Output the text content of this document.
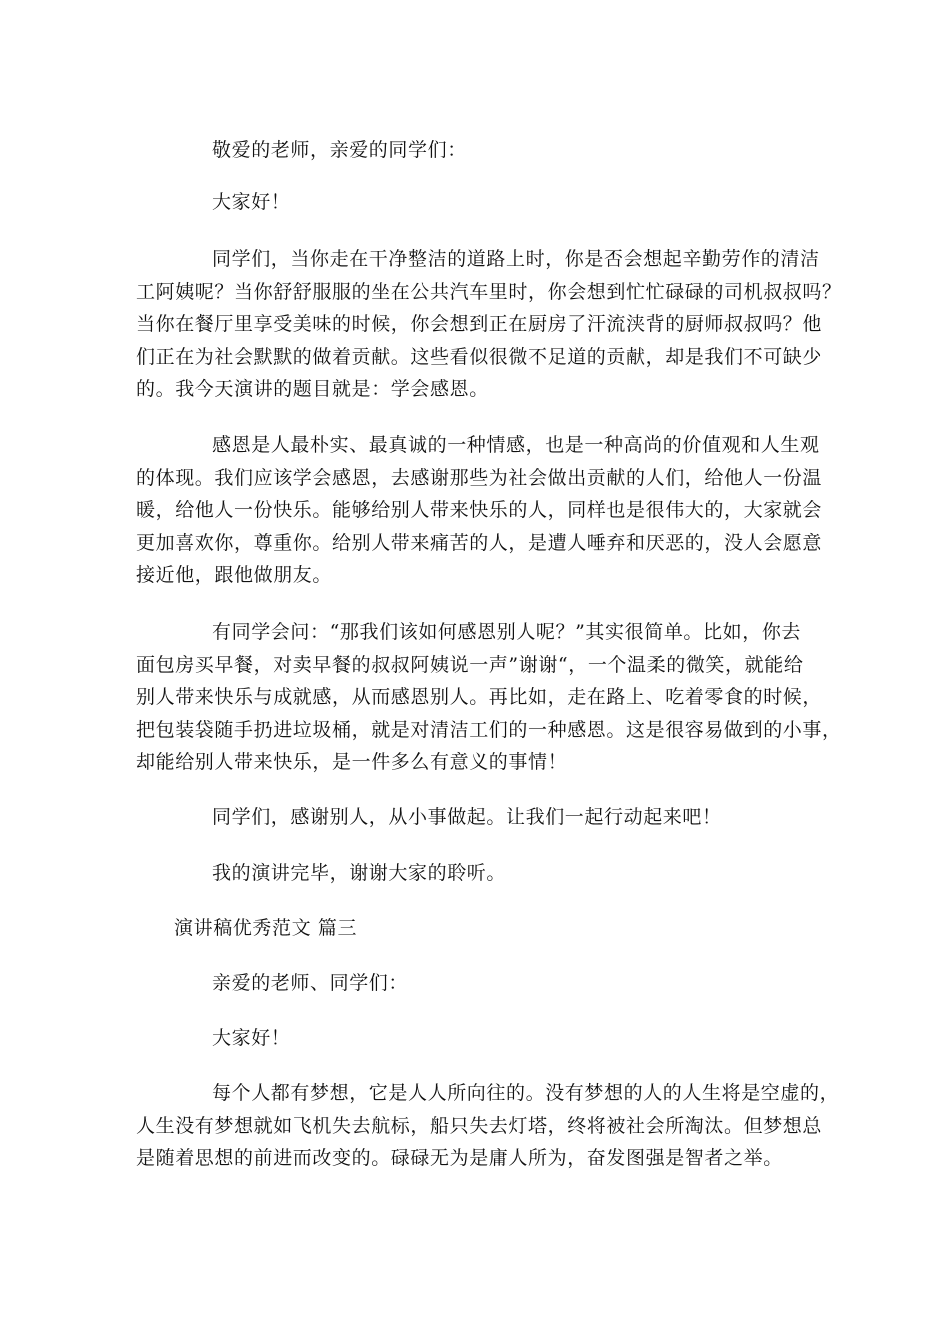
敬爱的老师，亲爱的同学们：

大家好！

同学们，当你走在干净整洁的道路上时，你是否会想起辛勤劳作的清洁
工阿姨呢？当你舒舒服服的坐在公共汽车里时，你会想到忙忙碌碌的司机叔叔吗？
当你在餐厅里享受美味的时候，你会想到正在厨房了汗流浃背的厨师叔叔吗？他
们正在为社会默默的做着贡献。这些看似很微不足道的贡献，却是我们不可缺少
的。我今天演讲的题目就是：学会感恩。

感恩是人最朴实、最真诚的一种情感，也是一种高尚的价值观和人生观
的体现。我们应该学会感恩，去感谢那些为社会做出贡献的人们，给他人一份温
暖，给他人一份快乐。能够给别人带来快乐的人，同样也是很伟大的，大家就会
更加喜欢你，尊重你。给别人带来痛苦的人，是遭人唾弃和厌恶的，没人会愿意
接近他，跟他做朋友。

有同学会问：“那我们该如何感恩别人呢？”其实很简单。比如，你去
面包房买早餐，对卖早餐的叔叔阿姨说一声”谢谢“，一个温柔的微笑，就能给
别人带来快乐与成就感，从而感恩别人。再比如，走在路上、吃着零食的时候，
把包装袋随手扔进垃圾桶，就是对清洁工们的一种感恩。这是很容易做到的小事，
却能给别人带来快乐，是一件多么有意义的事情！

同学们，感谢别人，从小事做起。让我们一起行动起来吧！

我的演讲完毕，谢谢大家的聆听。

演讲稿优秀范文 篇三

亲爱的老师、同学们：

大家好！

每个人都有梦想，它是人人所向往的。没有梦想的人的人生将是空虚的，
人生没有梦想就如飞机失去航标，船只失去灯塔，终将被社会所淘汰。但梦想总
是随着思想的前进而改变的。碌碌无为是庸人所为，奋发图强是智者之举。
